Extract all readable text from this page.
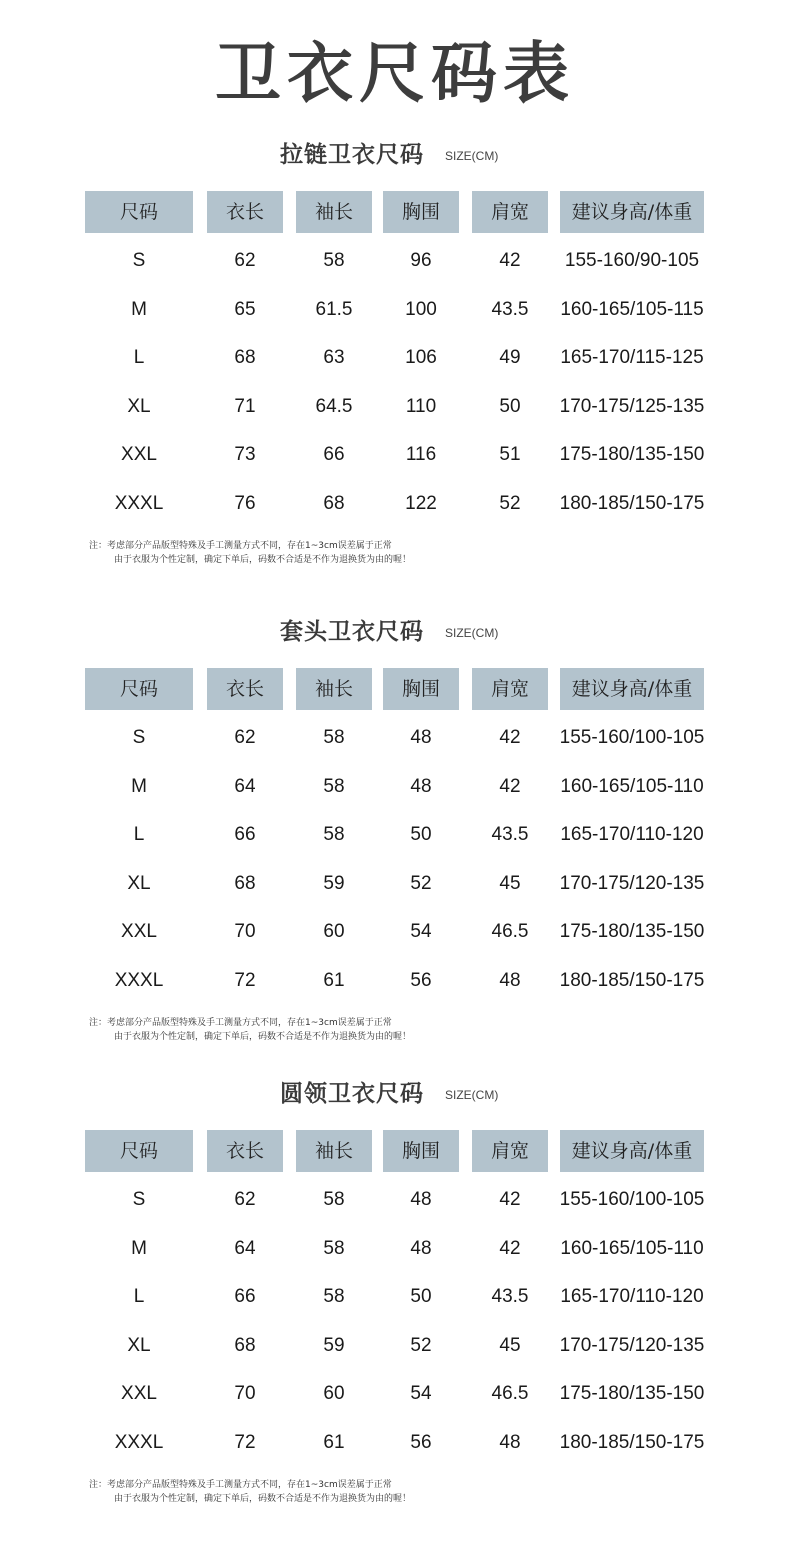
卫衣尺码表
拉链卫衣尺码 SIZE(CM)
尺码	衣长	袖长	胸围	肩宽	建议身高/体重
S	62	58	96	42	155-160/90-105
M	65	61.5	100	43.5	160-165/105-115
L	68	63	106	49	165-170/115-125
XL	71	64.5	110	50	170-175/125-135
XXL	73	66	116	51	175-180/135-150
XXXL	76	68	122	52	180-185/150-175
注：考虑部分产品版型特殊及手工测量方式不同，存在1~3cm误差属于正常
由于衣服为个性定制，确定下单后，码数不合适是不作为退换货为由的喔！
套头卫衣尺码 SIZE(CM)
尺码	衣长	袖长	胸围	肩宽	建议身高/体重
S	62	58	48	42	155-160/100-105
M	64	58	48	42	160-165/105-110
L	66	58	50	43.5	165-170/110-120
XL	68	59	52	45	170-175/120-135
XXL	70	60	54	46.5	175-180/135-150
XXXL	72	61	56	48	180-185/150-175
注：考虑部分产品版型特殊及手工测量方式不同，存在1~3cm误差属于正常
由于衣服为个性定制，确定下单后，码数不合适是不作为退换货为由的喔！
圆领卫衣尺码 SIZE(CM)
尺码	衣长	袖长	胸围	肩宽	建议身高/体重
S	62	58	48	42	155-160/100-105
M	64	58	48	42	160-165/105-110
L	66	58	50	43.5	165-170/110-120
XL	68	59	52	45	170-175/120-135
XXL	70	60	54	46.5	175-180/135-150
XXXL	72	61	56	48	180-185/150-175
注：考虑部分产品版型特殊及手工测量方式不同，存在1~3cm误差属于正常
由于衣服为个性定制，确定下单后，码数不合适是不作为退换货为由的喔！
